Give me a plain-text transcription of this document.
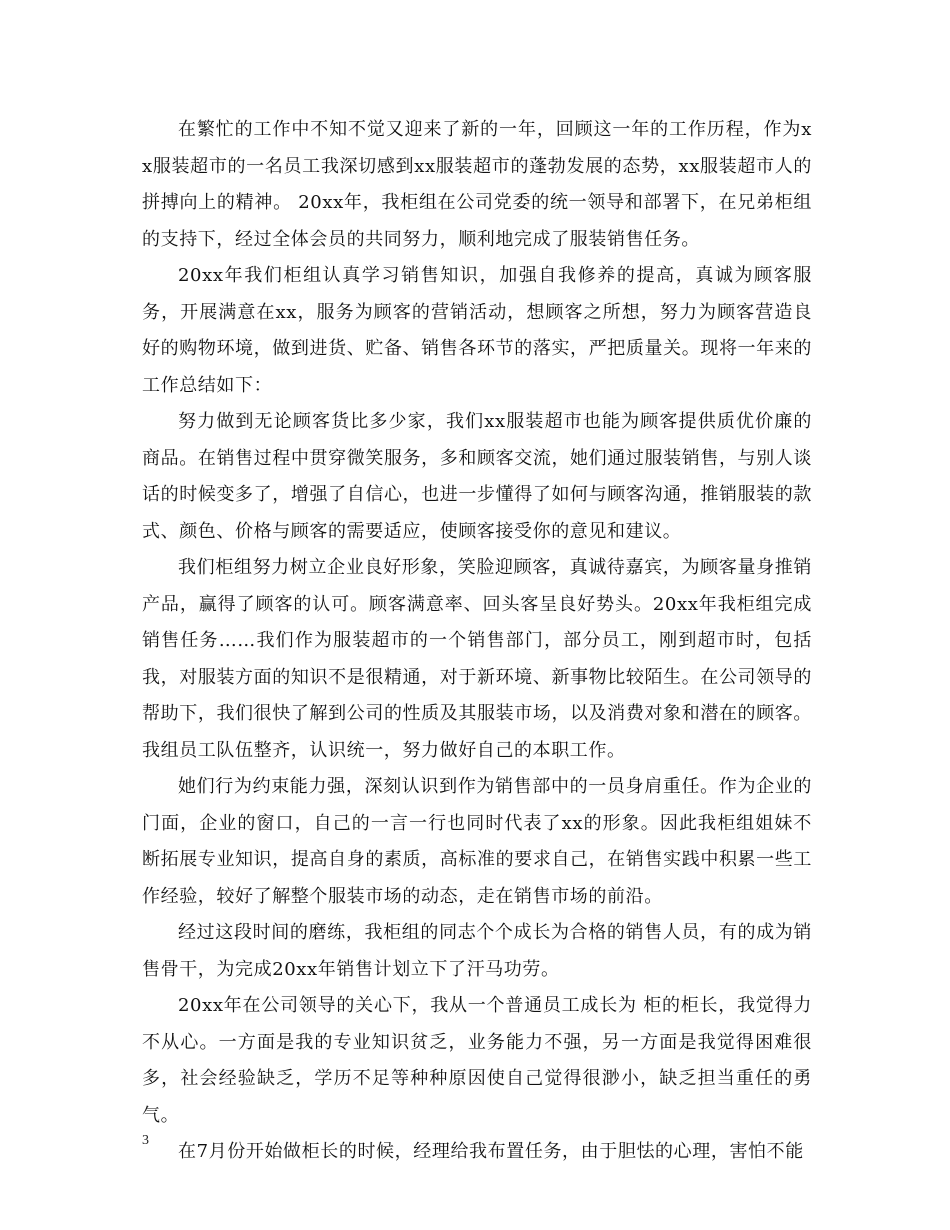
在繁忙的工作中不知不觉又迎来了新的一年，回顾这一年的工作历程，作为xx服装超市的一名员工我深切感到xx服装超市的蓬勃发展的态势，xx服装超市人的拼搏向上的精神。 20xx年，我柜组在公司党委的统一领导和部署下，在兄弟柜组的支持下，经过全体会员的共同努力，顺利地完成了服装销售任务。

20xx年我们柜组认真学习销售知识，加强自我修养的提高，真诚为顾客服务，开展满意在xx，服务为顾客的营销活动，想顾客之所想，努力为顾客营造良好的购物环境，做到进货、贮备、销售各环节的落实，严把质量关。现将一年来的工作总结如下：

努力做到无论顾客货比多少家，我们xx服装超市也能为顾客提供质优价廉的商品。在销售过程中贯穿微笑服务，多和顾客交流，她们通过服装销售，与别人谈话的时候变多了，增强了自信心，也进一步懂得了如何与顾客沟通，推销服装的款式、颜色、价格与顾客的需要适应，使顾客接受你的意见和建议。

我们柜组努力树立企业良好形象，笑脸迎顾客，真诚待嘉宾，为顾客量身推销产品，赢得了顾客的认可。顾客满意率、回头客呈良好势头。20xx年我柜组完成销售任务……我们作为服装超市的一个销售部门，部分员工，刚到超市时，包括我，对服装方面的知识不是很精通，对于新环境、新事物比较陌生。在公司领导的帮助下，我们很快了解到公司的性质及其服装市场，以及消费对象和潜在的顾客。我组员工队伍整齐，认识统一，努力做好自己的本职工作。

她们行为约束能力强，深刻认识到作为销售部中的一员身肩重任。作为企业的门面，企业的窗口，自己的一言一行也同时代表了xx的形象。因此我柜组姐妹不断拓展专业知识，提高自身的素质，高标准的要求自己，在销售实践中积累一些工作经验，较好了解整个服装市场的动态，走在销售市场的前沿。

经过这段时间的磨练，我柜组的同志个个成长为合格的销售人员，有的成为销售骨干，为完成20xx年销售计划立下了汗马功劳。

20xx年在公司领导的关心下，我从一个普通员工成长为 柜的柜长，我觉得力不从心。一方面是我的专业知识贫乏，业务能力不强，另一方面是我觉得困难很多，社会经验缺乏，学历不足等种种原因使自己觉得很渺小，缺乏担当重任的勇气。

在7月份开始做柜长的时候，经理给我布置任务，由于胆怯的心理，害怕不能

3
